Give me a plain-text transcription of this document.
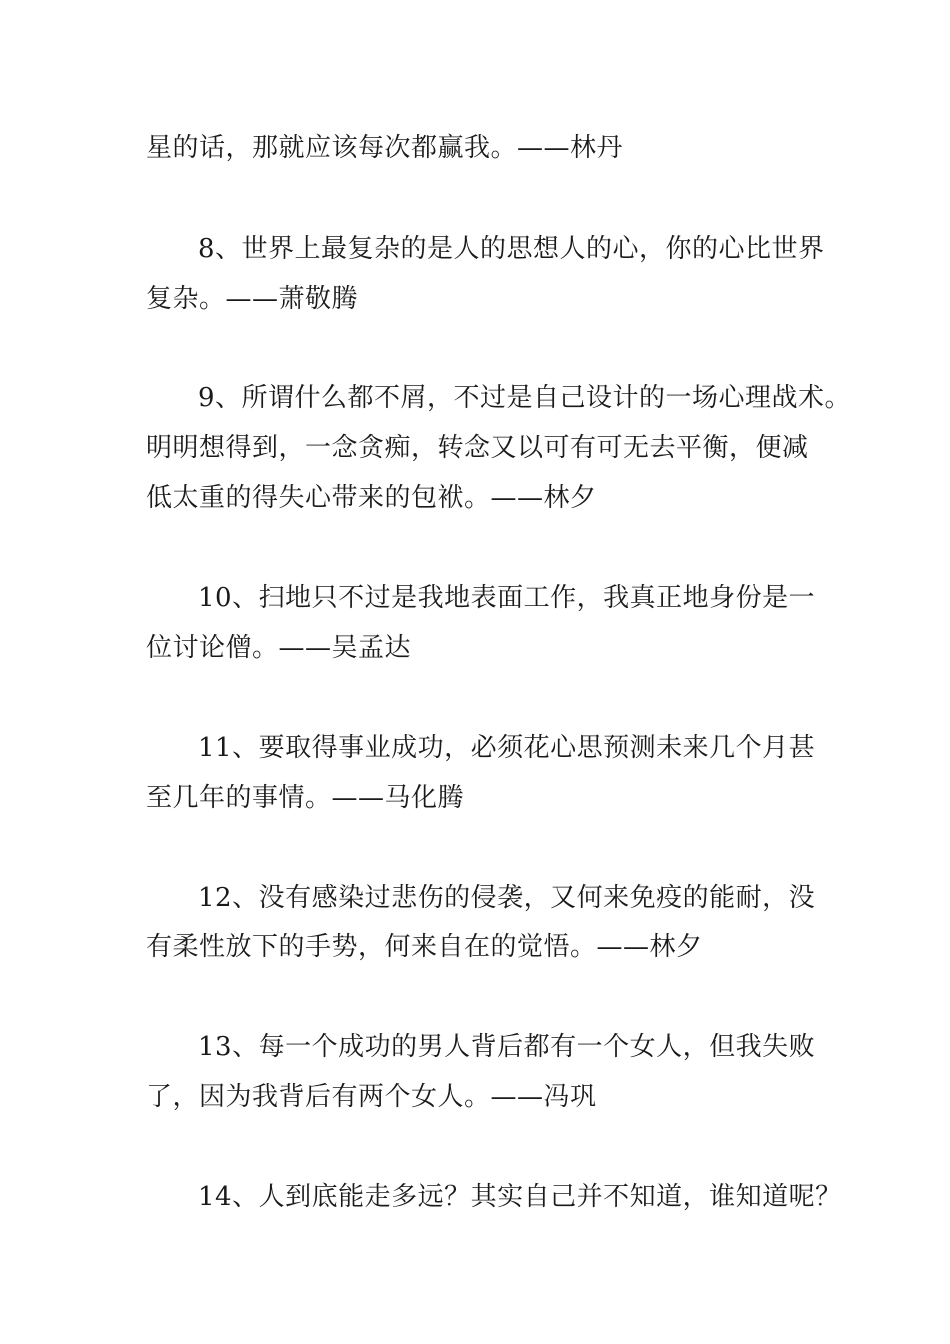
星的话，那就应该每次都赢我。——林丹
8、世界上最复杂的是人的思想人的心，你的心比世界
复杂。——萧敬腾
9、所谓什么都不屑，不过是自己设计的一场心理战术。
明明想得到，一念贪痴，转念又以可有可无去平衡，便减
低太重的得失心带来的包袱。——林夕
10、扫地只不过是我地表面工作，我真正地身份是一
位讨论僧。——吴孟达
11、要取得事业成功，必须花心思预测未来几个月甚
至几年的事情。——马化腾
12、没有感染过悲伤的侵袭，又何来免疫的能耐，没
有柔性放下的手势，何来自在的觉悟。——林夕
13、每一个成功的男人背后都有一个女人，但我失败
了，因为我背后有两个女人。——冯巩
14、人到底能走多远？其实自己并不知道，谁知道呢？
